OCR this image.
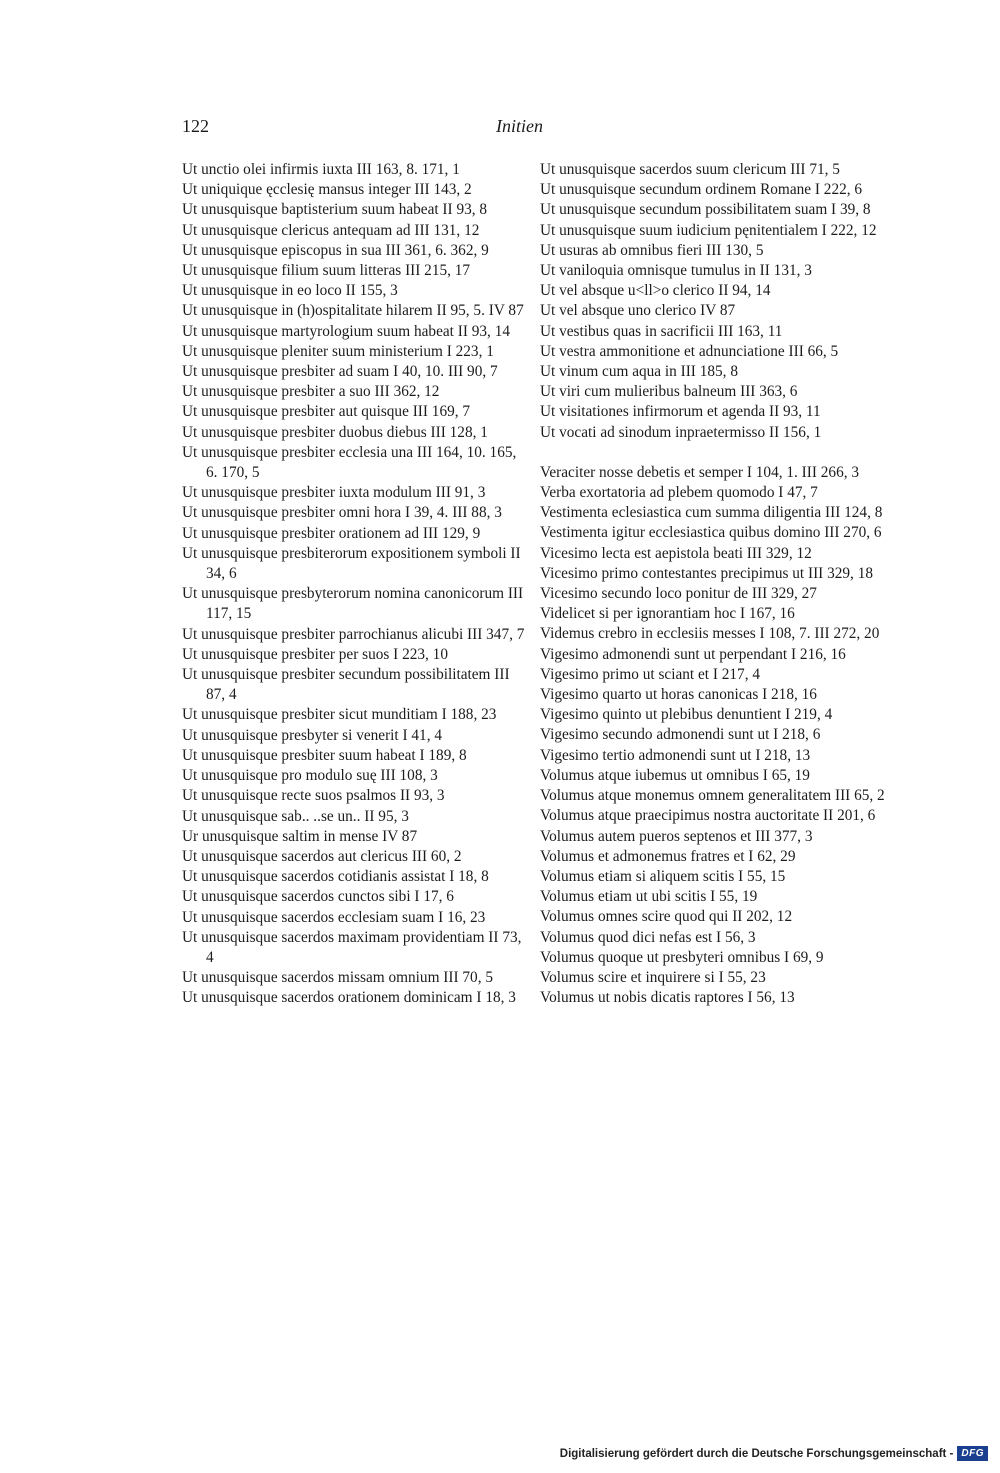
122	Initien
Ut unctio olei infirmis iuxta III 163, 8. 171, 1
Ut uniquique ęcclesię mansus integer III 143, 2
Ut unusquisque baptisterium suum habeat II 93, 8
Ut unusquisque clericus antequam ad III 131, 12
Ut unusquisque episcopus in sua III 361, 6. 362, 9
Ut unusquisque filium suum litteras III 215, 17
Ut unusquisque in eo loco II 155, 3
Ut unusquisque in (h)ospitalitate hilarem II 95, 5. IV 87
Ut unusquisque martyrologium suum habeat II 93, 14
Ut unusquisque pleniter suum ministerium I 223, 1
Ut unusquisque presbiter ad suam I 40, 10. III 90, 7
Ut unusquisque presbiter a suo III 362, 12
Ut unusquisque presbiter aut quisque III 169, 7
Ut unusquisque presbiter duobus diebus III 128, 1
Ut unusquisque presbiter ecclesia una III 164, 10. 165, 6. 170, 5
Ut unusquisque presbiter iuxta modulum III 91, 3
Ut unusquisque presbiter omni hora I 39, 4. III 88, 3
Ut unusquisque presbiter orationem ad III 129, 9
Ut unusquisque presbiterorum expositionem symboli II 34, 6
Ut unusquisque presbyterorum nomina canonicorum III 117, 15
Ut unusquisque presbiter parrochianus alicubi III 347, 7
Ut unusquisque presbiter per suos I 223, 10
Ut unusquisque presbiter secundum possibilitatem III 87, 4
Ut unusquisque presbiter sicut munditiam I 188, 23
Ut unusquisque presbyter si venerit I 41, 4
Ut unusquisque presbiter suum habeat I 189, 8
Ut unusquisque pro modulo suę III 108, 3
Ut unusquisque recte suos psalmos II 93, 3
Ut unusquisque sab.. ..se un.. II 95, 3
Ur unusquisque saltim in mense IV 87
Ut unusquisque sacerdos aut clericus III 60, 2
Ut unusquisque sacerdos cotidianis assistat I 18, 8
Ut unusquisque sacerdos cunctos sibi I 17, 6
Ut unusquisque sacerdos ecclesiam suam I 16, 23
Ut unusquisque sacerdos maximam providentiam II 73, 4
Ut unusquisque sacerdos missam omnium III 70, 5
Ut unusquisque sacerdos orationem dominicam I 18, 3
Ut unusquisque sacerdos suum clericum III 71, 5
Ut unusquisque secundum ordinem Romane I 222, 6
Ut unusquisque secundum possibilitatem suam I 39, 8
Ut unusquisque suum iudicium pęnitentialem I 222, 12
Ut usuras ab omnibus fieri III 130, 5
Ut vaniloquia omnisque tumulus in II 131, 3
Ut vel absque u<ll>o clerico II 94, 14
Ut vel absque uno clerico IV 87
Ut vestibus quas in sacrificii III 163, 11
Ut vestra ammonitione et adnunciatione III 66, 5
Ut vinum cum aqua in III 185, 8
Ut viri cum mulieribus balneum III 363, 6
Ut visitationes infirmorum et agenda II 93, 11
Ut vocati ad sinodum inpraetermisso II 156, 1
Veraciter nosse debetis et semper I 104, 1. III 266, 3
Verba exortatoria ad plebem quomodo I 47, 7
Vestimenta eclesiastica cum summa diligentia III 124, 8
Vestimenta igitur ecclesiastica quibus domino III 270, 6
Vicesimo lecta est aepistola beati III 329, 12
Vicesimo primo contestantes precipimus ut III 329, 18
Vicesimo secundo loco ponitur de III 329, 27
Videlicet si per ignorantiam hoc I 167, 16
Videmus crebro in ecclesiis messes I 108, 7. III 272, 20
Vigesimo admonendi sunt ut perpendant I 216, 16
Vigesimo primo ut sciant et I 217, 4
Vigesimo quarto ut horas canonicas I 218, 16
Vigesimo quinto ut plebibus denuntient I 219, 4
Vigesimo secundo admonendi sunt ut I 218, 6
Vigesimo tertio admonendi sunt ut I 218, 13
Volumus atque iubemus ut omnibus I 65, 19
Volumus atque monemus omnem generalitatem III 65, 2
Volumus atque praecipimus nostra auctoritate II 201, 6
Volumus autem pueros septenos et III 377, 3
Volumus et admonemus fratres et I 62, 29
Volumus etiam si aliquem scitis I 55, 15
Volumus etiam ut ubi scitis I 55, 19
Volumus omnes scire quod qui II 202, 12
Volumus quod dici nefas est I 56, 3
Volumus quoque ut presbyteri omnibus I 69, 9
Volumus scire et inquirere si I 55, 23
Volumus ut nobis dicatis raptores I 56, 13
Digitalisierung gefördert durch die Deutsche Forschungsgemeinschaft - DFG
